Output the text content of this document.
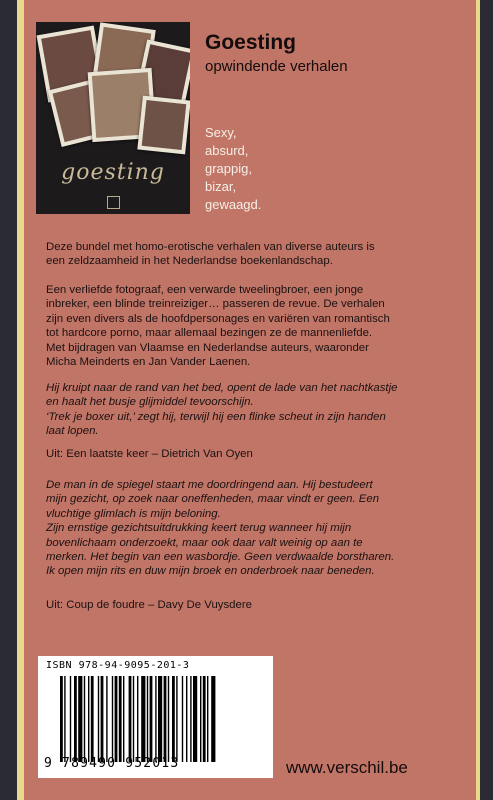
goesting
Goesting
opwindende verhalen
Sexy,
absurd,
grappig,
bizar,
gewaagd.
Deze bundel met homo-erotische verhalen van diverse auteurs is
een zeldzaamheid in het Nederlandse boekenlandschap.
Een verliefde fotograaf, een verwarde tweelingbroer, een jonge
inbreker, een blinde treinreiziger… passeren de revue. De verhalen
zijn even divers als de hoofdpersonages en variëren van romantisch
tot hardcore porno, maar allemaal bezingen ze de mannenliefde.
Met bijdragen van Vlaamse en Nederlandse auteurs, waaronder
Micha Meinderts en Jan Vander Laenen.
Hij kruipt naar de rand van het bed, opent de lade van het nachtkastje
en haalt het busje glijmiddel tevoorschijn.
‘Trek je boxer uit,’ zegt hij, terwijl hij een flinke scheut in zijn handen
laat lopen.
Uit: Een laatste keer – Dietrich Van Oyen
De man in de spiegel staart me doordringend aan. Hij bestudeert
mijn gezicht, op zoek naar oneffenheden, maar vindt er geen. Een
vluchtige glimlach is mijn beloning.
Zijn ernstige gezichtsuitdrukking keert terug wanneer hij mijn
bovenlichaam onderzoekt, maar ook daar valt weinig op aan te
merken. Het begin van een wasbordje. Geen verdwaalde borstharen.
Ik open mijn rits en duw mijn broek en onderbroek naar beneden.
Uit: Coup de foudre – Davy De Vuysdere
ISBN 978-94-9095-201-3
9 789490 952013	www.verschil.be
